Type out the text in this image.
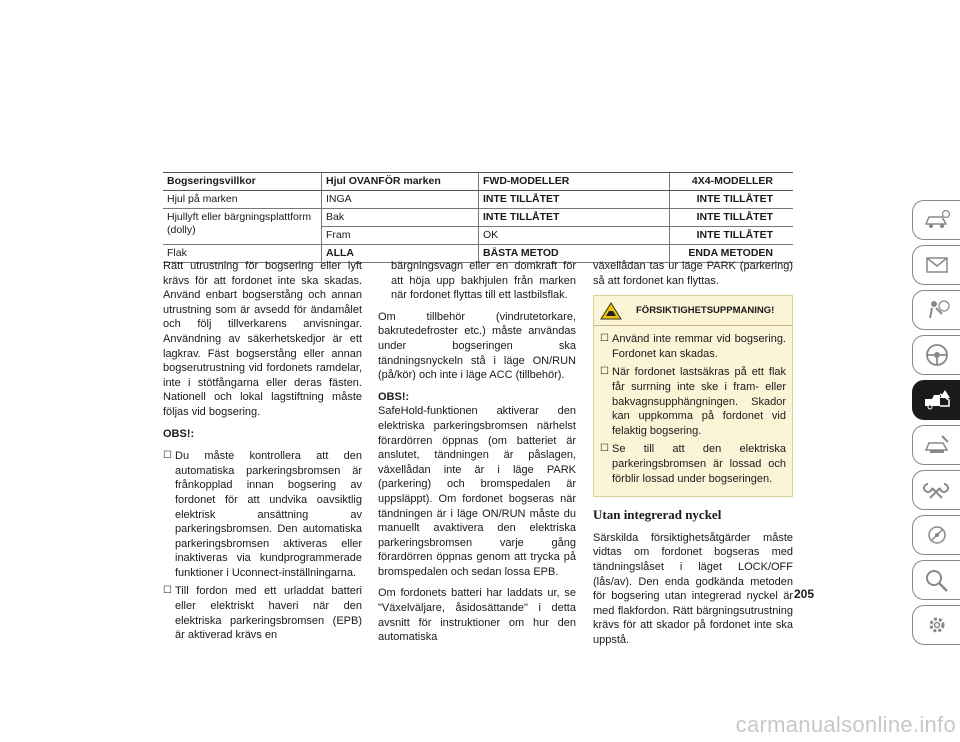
Bogseringsvillkor	Hjul OVANFÖR marken	FWD-MODELLER	4X4-MODELLER
Hjul på marken	INGA	INTE TILLÅTET	INTE TILLÅTET
Hjullyft eller bärgningsplattform (dolly)	Bak	INTE TILLÅTET	INTE TILLÅTET
	Fram	OK	INTE TILLÅTET
Flak	ALLA	BÄSTA METOD	ENDA METODEN

Rätt utrustning för bogsering eller lyft krävs för att fordonet inte ska skadas. Använd enbart bogserstång och annan utrustning som är avsedd för ändamålet och följ tillverkarens anvisningar. Användning av säkerhetskedjor är ett lagkrav. Fäst bogserstång eller annan bogserutrustning vid fordonets ramdelar, inte i stötfångarna eller deras fästen. Nationell och lokal lagstiftning måste följas vid bogsering.

OBS!:

☐ Du måste kontrollera att den automatiska parkeringsbromsen är frånkopplad innan bogsering av fordonet för att undvika oavsiktlig elektrisk ansättning av parkeringsbromsen. Den automatiska parkeringsbromsen aktiveras eller inaktiveras via kundprogrammerade funktioner i Uconnect-inställningarna.
☐ Till fordon med ett urladdat batteri eller elektriskt haveri när den elektriska parkeringsbromsen (EPB) är aktiverad krävs en
bärgningsvagn eller en domkraft för att höja upp bakhjulen från marken när fordonet flyttas till ett lastbilsflak.

Om tillbehör (vindrutetorkare, bakrutedefroster etc.) måste användas under bogseringen ska tändningsnyckeln stå i läge ON/RUN (på/kör) och inte i läge ACC (tillbehör).

OBS!:

SafeHold-funktionen aktiverar den elektriska parkeringsbromsen närhelst förardörren öppnas (om batteriet är anslutet, tändningen är påslagen, växellådan inte är i läge PARK (parkering) och bromspedalen är uppsläppt). Om fordonet bogseras när tändningen är i läge ON/RUN måste du manuellt avaktivera den elektriska parkeringsbromsen varje gång förardörren öppnas genom att trycka på bromspedalen och sedan lossa EPB.

Om fordonets batteri har laddats ur, se "Växelväljare, åsidosättande" i detta avsnitt för instruktioner om hur den automatiska

växellådan tas ur läge PARK (parkering) så att fordonet kan flyttas.

FÖRSIKTIGHETSUPPMANING!
☐ Använd inte remmar vid bogsering. Fordonet kan skadas.
☐ När fordonet lastsäkras på ett flak får surrning inte ske i fram- eller bakvagnsupphängningen. Skador kan uppkomma på fordonet vid felaktig bogsering.
☐ Se till att den elektriska parkeringsbromsen är lossad och förblir lossad under bogseringen.
Utan integrerad nyckel

Särskilda försiktighetsåtgärder måste vidtas om fordonet bogseras med tändningslåset i läget LOCK/OFF (lås/av). Den enda godkända metoden för bogsering utan integrerad nyckel är med flakfordon. Rätt bärgningsutrustning krävs för att skador på fordonet inte ska uppstå.

205
carmanualsonline.info
